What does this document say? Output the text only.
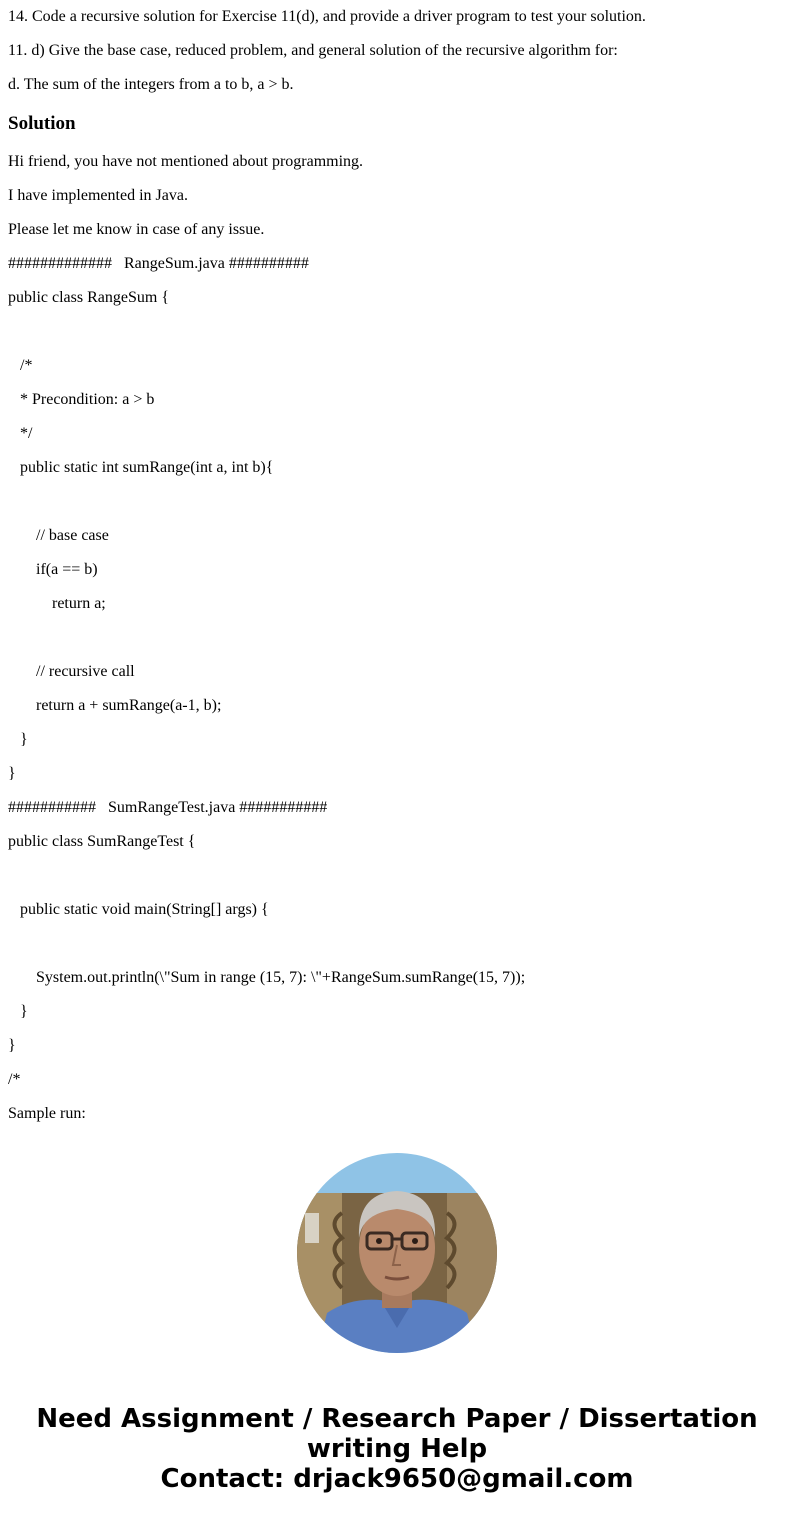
14. Code a recursive solution for Exercise 11(d), and provide a driver program to test your solution.
11. d) Give the base case, reduced problem, and general solution of the recursive algorithm for:
d. The sum of the integers from a to b, a > b.
Solution
Hi friend, you have not mentioned about programming.
I have implemented in Java.
Please let me know in case of any issue.
#############   RangeSum.java ##########
public class RangeSum {
/*
* Precondition: a > b
*/
public static int sumRange(int a, int b){
// base case
if(a == b)
return a;
// recursive call
return a + sumRange(a-1, b);
}
}
###########   SumRangeTest.java ###########
public class SumRangeTest {
public static void main(String[] args) {
System.out.println(\"Sum in range (15, 7): \"+RangeSum.sumRange(15, 7));
}
}
/*
Sample run:
Need Assignment / Research Paper / Dissertation
writing Help
Contact: drjack9650@gmail.com
